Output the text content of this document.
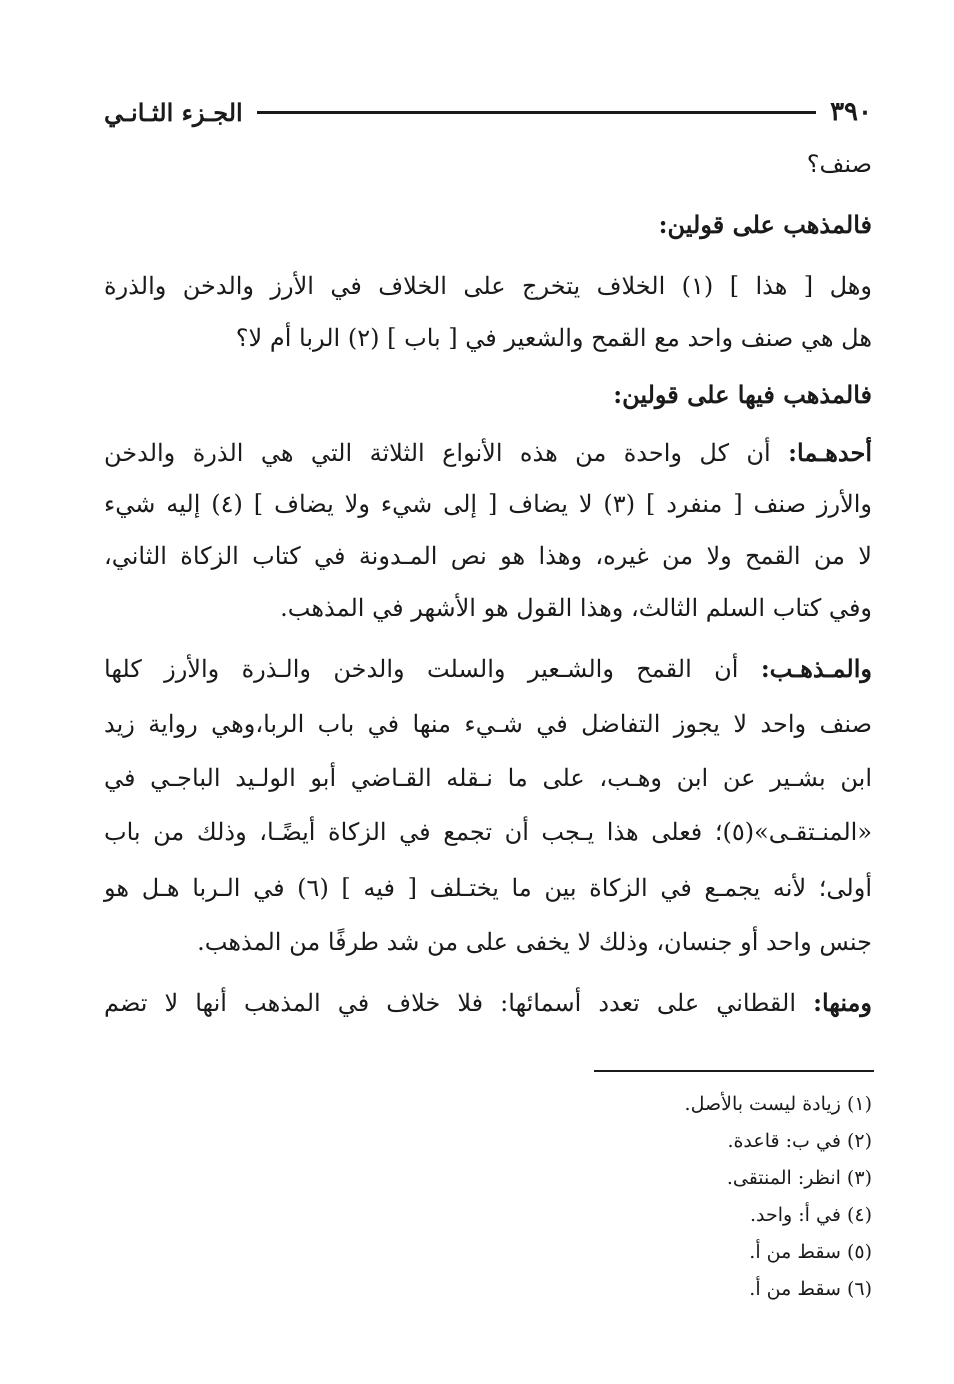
٣٩٠
الجـزء الثـانـي
صنف؟
فالمذهب على قولين:
وهل [ هذا ] (١) الخلاف يتخرج على الخلاف في الأرز والدخن والذرة
هل هي صنف واحد مع القمح والشعير في [ باب ] (٢) الربا أم لا؟
فالمذهب فيها على قولين:
أحدهـما: أن كل واحدة من هذه الأنواع الثلاثة التي هي الذرة والدخن
والأرز صنف [ منفرد ] (٣) لا يضاف [ إلى شيء ولا يضاف ] (٤) إليه شيء
لا من القمح ولا من غيره، وهذا هو نص المـدونة في كتاب الزكاة الثاني،
وفي كتاب السلم الثالث، وهذا القول هو الأشهر في المذهب.
والمـذهـب: أن القمح والشـعير والسلت والدخن والـذرة والأرز كلها
صنف واحد لا يجوز التفاضل في شـيء منها في باب الربا،وهي رواية زيد
ابن بشـير عن ابن وهـب، على ما نـقله القـاضي أبو الولـيد الباجـي في
«المنـتقـى»(٥)؛ فعلى هذا يـجب أن تجمع في الزكاة أيضًـا، وذلك من باب
أولى؛ لأنه يجمـع في الزكاة بين ما يختـلف [ فيه ] (٦) في الـربا هـل هو
جنس واحد أو جنسان، وذلك لا يخفى على من شد طرفًا من المذهب.
ومنها: القطاني على تعدد أسمائها: فلا خلاف في المذهب أنها لا تضم
(١) زيادة ليست بالأصل.
(٢) في ب: قاعدة.
(٣) انظر: المنتقى.
(٤) في أ: واحد.
(٥) سقط من أ.
(٦) سقط من أ.
